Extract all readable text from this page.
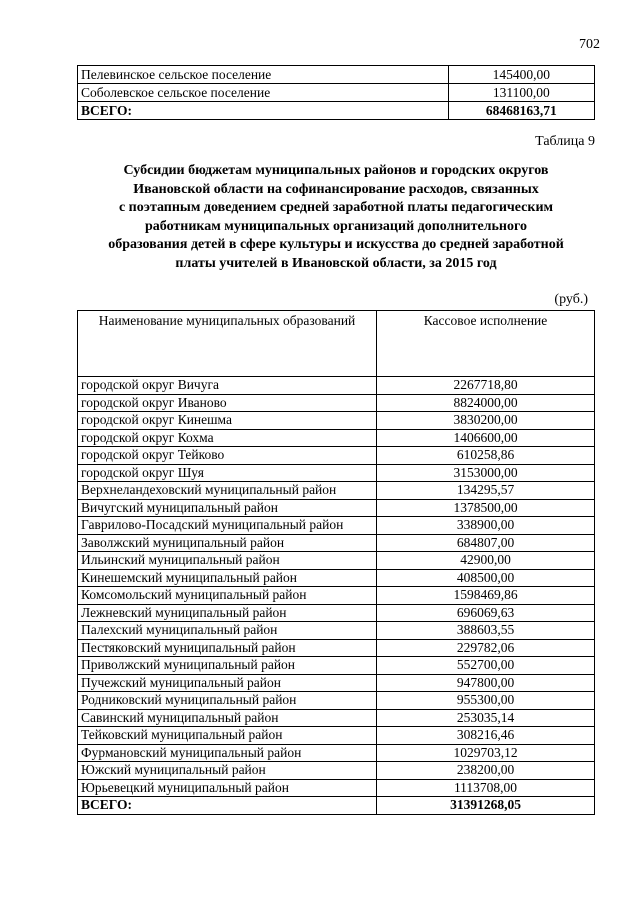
702
Пелевинское сельское поселение	145400,00
Соболевское сельское поселение	131100,00
ВСЕГО:	68468163,71
Таблица 9
Субсидии бюджетам муниципальных районов и городских округов
Ивановской области на софинансирование расходов, связанных
с поэтапным доведением средней заработной платы педагогическим
работникам муниципальных организаций дополнительного
образования детей в сфере культуры и искусства до средней заработной
платы учителей в Ивановской области, за 2015 год
(руб.)
Наименование муниципальных образований	Кассовое исполнение
городской округ Вичуга	2267718,80
городской округ Иваново	8824000,00
городской округ Кинешма	3830200,00
городской округ Кохма	1406600,00
городской округ Тейково	610258,86
городской округ Шуя	3153000,00
Верхнеландеховский муниципальный район	134295,57
Вичугский муниципальный район	1378500,00
Гаврилово-Посадский муниципальный район	338900,00
Заволжский муниципальный район	684807,00
Ильинский муниципальный район	42900,00
Кинешемский муниципальный район	408500,00
Комсомольский муниципальный район	1598469,86
Лежневский муниципальный район	696069,63
Палехский муниципальный район	388603,55
Пестяковский муниципальный район	229782,06
Приволжский муниципальный район	552700,00
Пучежский муниципальный район	947800,00
Родниковский муниципальный район	955300,00
Савинский муниципальный район	253035,14
Тейковский муниципальный район	308216,46
Фурмановский муниципальный район	1029703,12
Южский муниципальный район	238200,00
Юрьевецкий муниципальный район	1113708,00
ВСЕГО:	31391268,05
